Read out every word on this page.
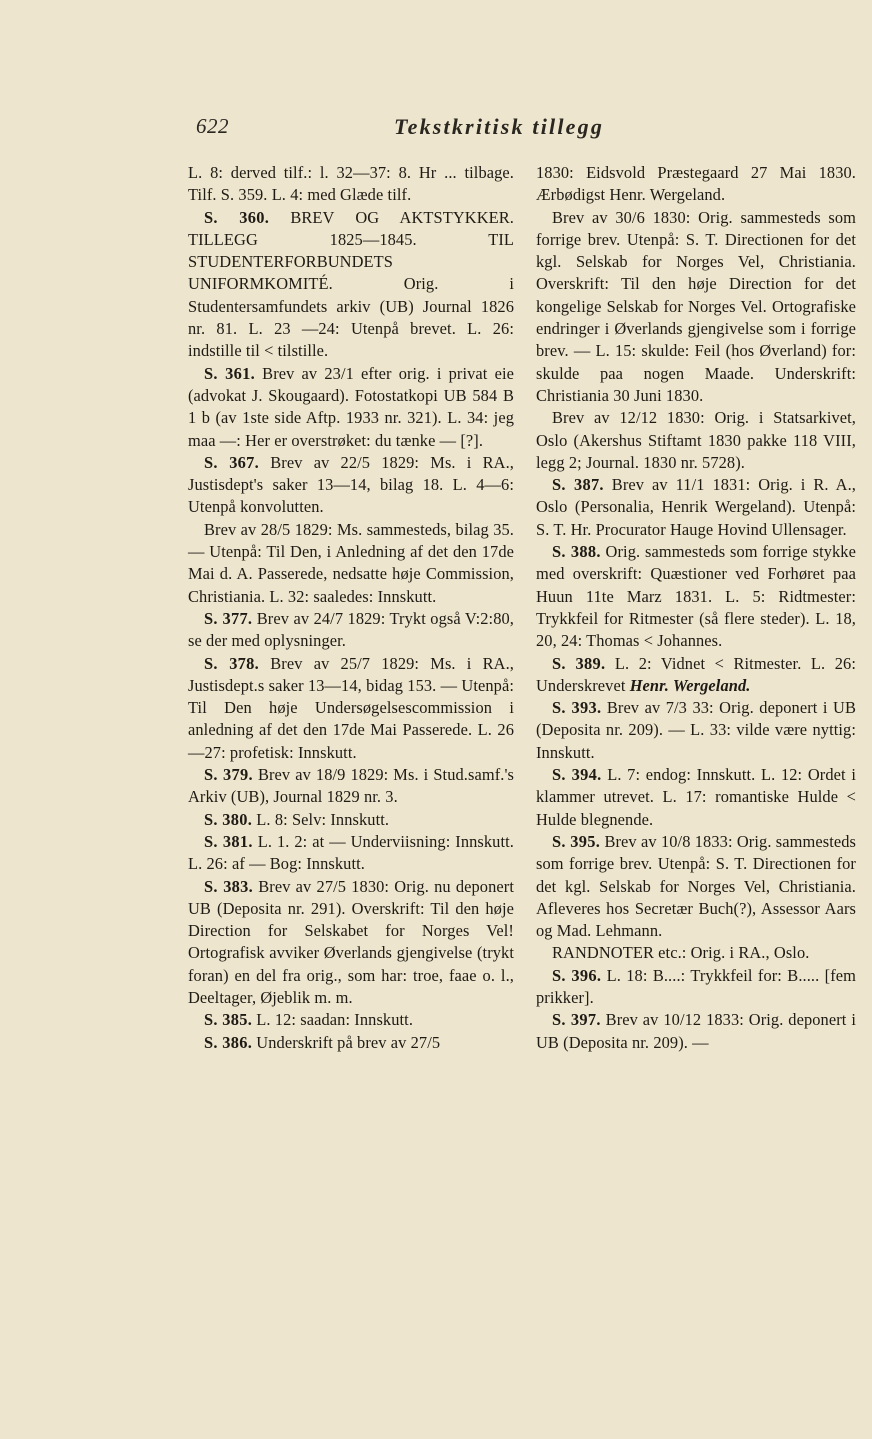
622	Tekstkritisk tillegg

L. 8: derved tilf.: l. 32—37: 8. Hr ... tilbage. Tilf. S. 359. L. 4: med Glæde tilf.

S. 360. BREV OG AKTSTYKKER. TILLEGG 1825—1845. TIL STUDENTERFORBUNDETS UNIFORMKOMITÉ. Orig. i Studentersamfundets arkiv (UB) Journal 1826 nr. 81. L. 23 —24: Utenpå brevet. L. 26: indstille til < tilstille.

S. 361. Brev av 23/1 efter orig. i privat eie (advokat J. Skougaard). Fotostatkopi UB 584 B 1 b (av 1ste side Aftp. 1933 nr. 321). L. 34: jeg maa —: Her er overstrøket: du tænke — [?].

S. 367. Brev av 22/5 1829: Ms. i RA., Justisdept's saker 13—14, bilag 18. L. 4—6: Utenpå konvolutten.

Brev av 28/5 1829: Ms. sammesteds, bilag 35. — Utenpå: Til Den, i Anledning af det den 17de Mai d. A. Passerede, nedsatte høje Commission, Christiania. L. 32: saaledes: Innskutt.

S. 377. Brev av 24/7 1829: Trykt også V:2:80, se der med oplysninger.

S. 378. Brev av 25/7 1829: Ms. i RA., Justisdept.s saker 13—14, bidag 153. — Utenpå: Til Den høje Undersøgelsescommission i anledning af det den 17de Mai Passerede. L. 26—27: profetisk: Innskutt.

S. 379. Brev av 18/9 1829: Ms. i Stud.samf.'s Arkiv (UB), Journal 1829 nr. 3.

S. 380. L. 8: Selv: Innskutt.

S. 381. L. 1. 2: at — Underviisning: Innskutt. L. 26: af — Bog: Innskutt.

S. 383. Brev av 27/5 1830: Orig. nu deponert UB (Deposita nr. 291). Overskrift: Til den høje Direction for Selskabet for Norges Vel! Ortografisk avviker Øverlands gjengivelse (trykt foran) en del fra orig., som har: troe, faae o. l., Deeltager, Øjeblik m. m.

S. 385. L. 12: saadan: Innskutt.

S. 386. Underskrift på brev av 27/5

1830: Eidsvold Præstegaard 27 Mai 1830. Ærbødigst Henr. Wergeland.

Brev av 30/6 1830: Orig. sammesteds som forrige brev. Utenpå: S. T. Directionen for det kgl. Selskab for Norges Vel, Christiania. Overskrift: Til den høje Direction for det kongelige Selskab for Norges Vel. Ortografiske endringer i Øverlands gjengivelse som i forrige brev. — L. 15: skulde: Feil (hos Øverland) for: skulde paa nogen Maade. Underskrift: Christiania 30 Juni 1830.

Brev av 12/12 1830: Orig. i Statsarkivet, Oslo (Akershus Stiftamt 1830 pakke 118 VIII, legg 2; Journal. 1830 nr. 5728).

S. 387. Brev av 11/1 1831: Orig. i R. A., Oslo (Personalia, Henrik Wergeland). Utenpå: S. T. Hr. Procurator Hauge Hovind Ullensager.

S. 388. Orig. sammesteds som forrige stykke med overskrift: Quæstioner ved Forhøret paa Huun 11te Marz 1831. L. 5: Ridtmester: Trykkfeil for Ritmester (så flere steder). L. 18, 20, 24: Thomas < Johannes.

S. 389. L. 2: Vidnet < Ritmester. L. 26: Underskrevet Henr. Wergeland.

S. 393. Brev av 7/3 33: Orig. deponert i UB (Deposita nr. 209). — L. 33: vilde være nyttig: Innskutt.

S. 394. L. 7: endog: Innskutt. L. 12: Ordet i klammer utrevet. L. 17: romantiske Hulde < Hulde blegnende.

S. 395. Brev av 10/8 1833: Orig. sammesteds som forrige brev. Utenpå: S. T. Directionen for det kgl. Selskab for Norges Vel, Christiania. Afleveres hos Secretær Buch(?), Assessor Aars og Mad. Lehmann.

RANDNOTER etc.: Orig. i RA., Oslo.

S. 396. L. 18: B....: Trykkfeil for: B..... [fem prikker].

S. 397. Brev av 10/12 1833: Orig. deponert i UB (Deposita nr. 209). —
